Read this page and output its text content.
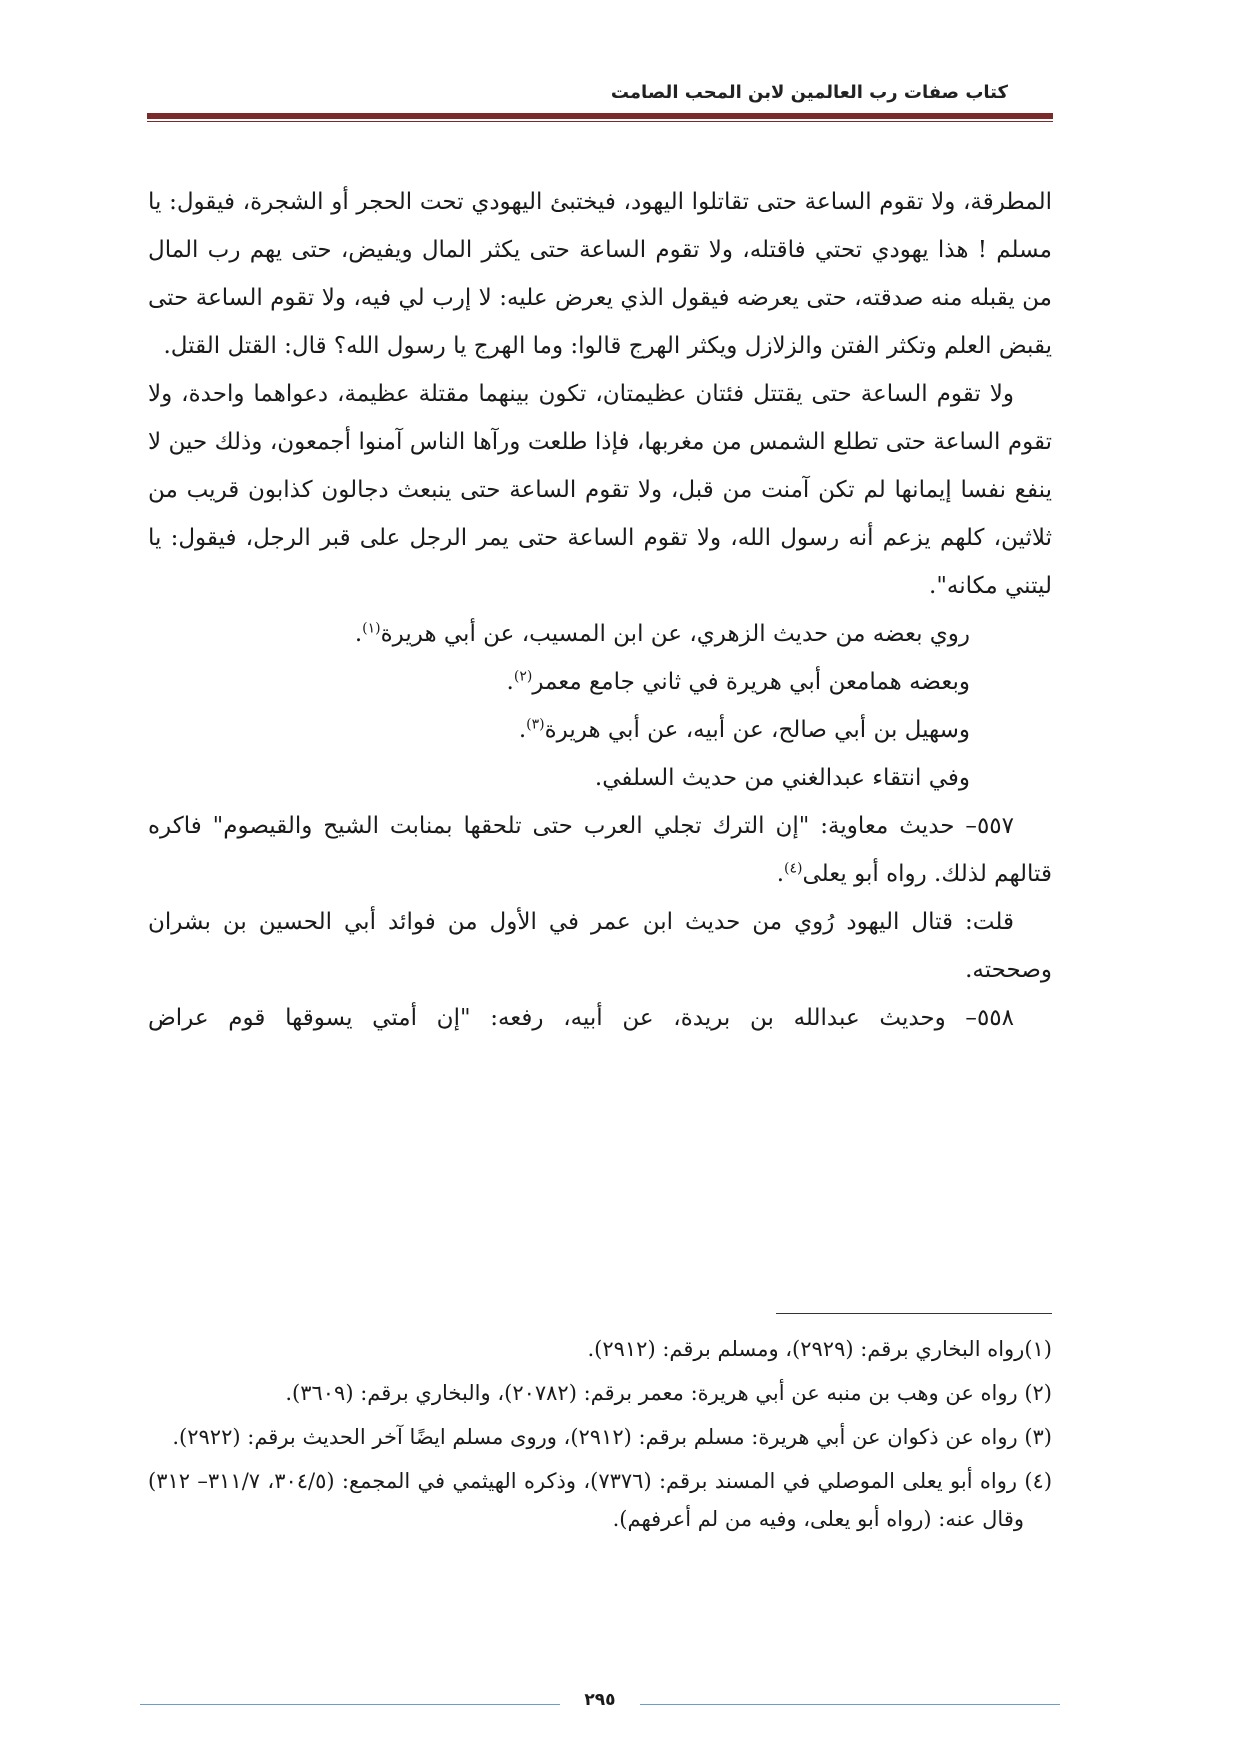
كتاب صفات رب العالمين لابن المحب الصامت

المطرقة، ولا تقوم الساعة حتى تقاتلوا اليهود، فيختبئ اليهودي تحت الحجر أو الشجرة، فيقول: يا مسلم ! هذا يهودي تحتي فاقتله، ولا تقوم الساعة حتى يكثر المال ويفيض، حتى يهم رب المال من يقبله منه صدقته، حتى يعرضه فيقول الذي يعرض عليه: لا إرب لي فيه، ولا تقوم الساعة حتى يقبض العلم وتكثر الفتن والزلازل ويكثر الهرج قالوا: وما الهرج يا رسول الله؟ قال: القتل القتل.

ولا تقوم الساعة حتى يقتتل فئتان عظيمتان، تكون بينهما مقتلة عظيمة، دعواهما واحدة، ولا تقوم الساعة حتى تطلع الشمس من مغربها، فإذا طلعت ورآها الناس آمنوا أجمعون، وذلك حين لا ينفع نفسا إيمانها لم تكن آمنت من قبل، ولا تقوم الساعة حتى ينبعث دجالون كذابون قريب من ثلاثين، كلهم يزعم أنه رسول الله، ولا تقوم الساعة حتى يمر الرجل على قبر الرجل، فيقول: يا ليتني مكانه".

روي بعضه من حديث الزهري، عن ابن المسيب، عن أبي هريرة$^{(١)}$.

وبعضه همامعن أبي هريرة في ثاني جامع معمر$^{(٢)}$.

وسهيل بن أبي صالح، عن أبيه، عن أبي هريرة$^{(٣)}$.

وفي انتقاء عبدالغني من حديث السلفي.

٥٥٧– حديث معاوية: "إن الترك تجلي العرب حتى تلحقها بمنابت الشيح والقيصوم" فاكره قتالهم لذلك. رواه أبو يعلى$^{(٤)}$.

قلت: قتال اليهود رُوي من حديث ابن عمر في الأول من فوائد أبي الحسين بن بشران وصححته.

٥٥٨– وحديث عبدالله بن بريدة، عن أبيه، رفعه: "إن أمتي يسوقها قوم عراض

(١)رواه البخاري برقم: (٢٩٢٩)، ومسلم برقم: (٢٩١٢).

(٢) رواه عن وهب بن منبه عن أبي هريرة: معمر برقم: (٢٠٧٨٢)، والبخاري برقم: (٣٦٠٩).

(٣) رواه عن ذكوان عن أبي هريرة: مسلم برقم: (٢٩١٢)، وروى مسلم ايضًا آخر الحديث برقم: (٢٩٢٢).

(٤) رواه أبو يعلى الموصلي في المسند برقم: (٧٣٧٦)، وذكره الهيثمي في المجمع: (٣٠٤/٥، ٣١١/٧– ٣١٢) وقال عنه: (رواه أبو يعلى، وفيه من لم أعرفهم).

٢٩٥
